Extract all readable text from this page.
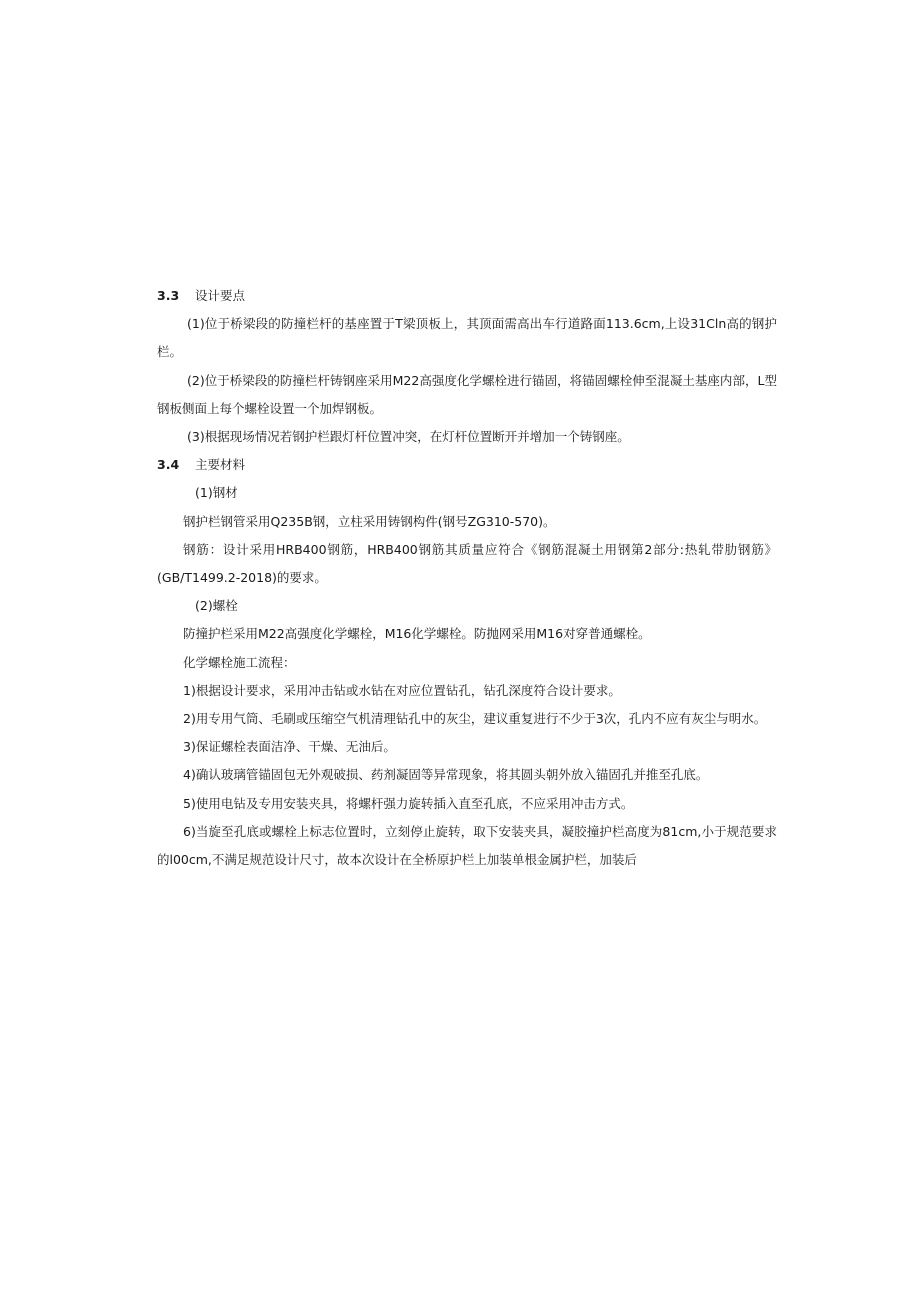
3.3	设计要点

(1)位于桥梁段的防撞栏杆的基座置于T梁顶板上，其顶面需高出车行道路面113.6cm,上设31Cln高的钢护栏。

(2)位于桥梁段的防撞栏杆铸钢座采用M22高强度化学螺栓进行锚固，将锚固螺栓伸至混凝土基座内部，L型钢板侧面上每个螺栓设置一个加焊钢板。

(3)根据现场情况若钢护栏跟灯杆位置冲突，在灯杆位置断开并增加一个铸钢座。

3.4	主要材料

(1)钢材

钢护栏钢管采用Q235B钢，立柱采用铸钢构件(钢号ZG310-570)。

钢筋：设计采用HRB400钢筋，HRB400钢筋其质量应符合《钢筋混凝土用钢第2部分:热轧带肋钢筋》(GB/T1499.2-2018)的要求。

(2)螺栓

防撞护栏采用M22高强度化学螺栓，M16化学螺栓。防抛网采用M16对穿普通螺栓。

化学螺栓施工流程：

1)根据设计要求，采用冲击钻或水钻在对应位置钻孔，钻孔深度符合设计要求。

2)用专用气筒、毛刷或压缩空气机清理钻孔中的灰尘，建议重复进行不少于3次，孔内不应有灰尘与明水。

3)保证螺栓表面洁净、干燥、无油后。

4)确认玻璃管锚固包无外观破损、药剂凝固等异常现象，将其圆头朝外放入锚固孔并推至孔底。

5)使用电钻及专用安装夹具，将螺杆强力旋转插入直至孔底，不应采用冲击方式。

6)当旋至孔底或螺栓上标志位置时，立刻停止旋转，取下安装夹具，凝胶撞护栏高度为81cm,小于规范要求的l00cm,不满足规范设计尺寸，故本次设计在全桥原护栏上加装单根金属护栏，加装后
